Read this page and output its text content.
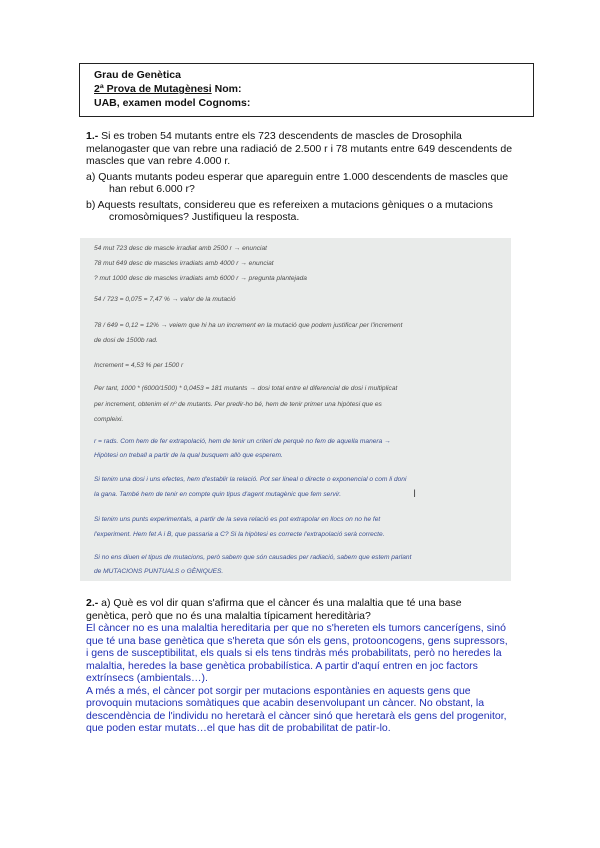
Grau de Genètica
2ª Prova de Mutagènesi Nom:
UAB, examen model Cognoms:
1.- Si es troben 54 mutants entre els 723 descendents de mascles de Drosophila
melanogaster que van rebre una radiació de 2.500 r i 78 mutants entre 649 descendents de
mascles que van rebre 4.000 r.
a) Quants mutants podeu esperar que apareguin entre 1.000 descendents de mascles que
han rebut 6.000 r?
b) Aquests resultats, considereu que es refereixen a mutacions gèniques o a mutacions
cromosòmiques? Justifiqueu la resposta.
54 mut 723 desc de mascle irradiat amb 2500 r → enunciat
78 mut 649 desc de mascles irradiats amb 4000 r → enunciat
? mut 1000 desc de mascles irradiats amb 6000 r → pregunta plantejada
54 / 723 = 0,075 = 7,47 % → valor de la mutació
78 / 649 = 0,12 = 12% → veiem que hi ha un increment en la mutació que podem justificar per l'increment
de dosi de 1500b rad.
Increment = 4,53 % per 1500 r
Per tant, 1000 * (6000/1500) * 0,0453 = 181 mutants → dosi total entre el diferencial de dosi i multiplicat
per increment, obtenim el nº de mutants. Per predir-ho bé, hem de tenir primer una hipòtesi que es
compleixi.
r = rads. Com hem de fer extrapolació, hem de tenir un criteri de perquè no fem de aquella manera →
Hipòtesi on treball a partir de la qual busquem allò que esperem.
Si tenim una dosi i uns efectes, hem d'establir la relació. Pot ser lineal o directe o exponencial o com li doni
la gana. També hem de tenir en compte quin tipus d'agent mutagènic que fem servir.
Si tenim uns punts experimentals, a partir de la seva relació es pot extrapolar en llocs on no he fet
l'experiment. Hem fet A i B, que passaria a C? Si la hipòtesi es correcte l'extrapolació serà correcte.
Si no ens diuen el tipus de mutacions, però sabem que són causades per radiació, sabem que estem parlant
de MUTACIONS PUNTUALS o GÈNIQUES.
I
2.- a) Què es vol dir quan s'afirma que el càncer és una malaltia que té una base
genètica, però que no és una malaltia típicament hereditària?
El càncer no es una malaltia hereditaria per que no s'hereten els tumors cancerígens, sinó
que té una base genètica que s'hereta que són els gens, protooncogens, gens supressors,
i gens de susceptibilitat, els quals si els tens tindràs més probabilitats, però no heredes la
malaltia, heredes la base genètica probabilística. A partir d'aquí entren en joc factors
extrínsecs (ambientals…).
A més a més, el càncer pot sorgir per mutacions espontànies en aquests gens que
provoquin mutacions somàtiques que acabin desenvolupant un càncer. No obstant, la
descendència de l'individu no heretarà el càncer sinó que heretarà els gens del progenitor,
que poden estar mutats…el que has dit de probabilitat de patir-lo.
